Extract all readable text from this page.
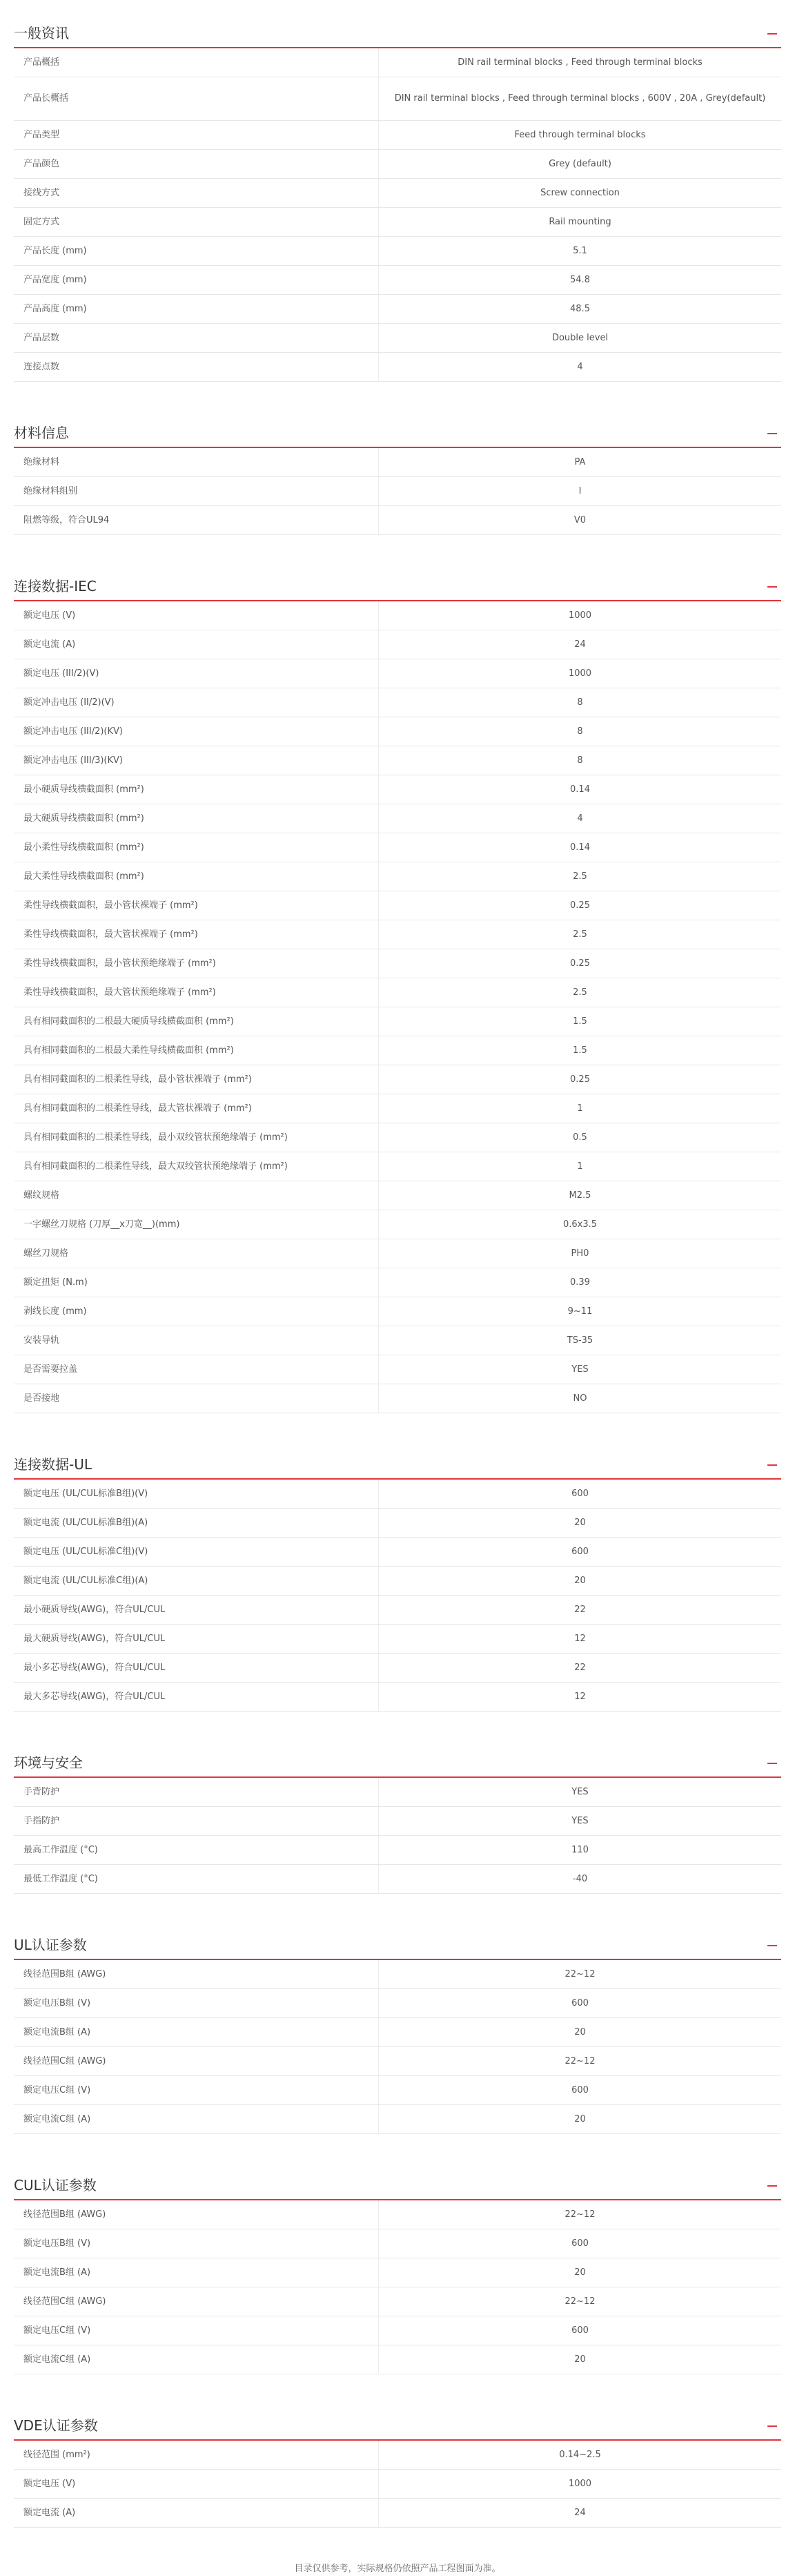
一般资讯
产品概括	DIN rail terminal blocks , Feed through terminal blocks
产品长概括	DIN rail terminal blocks , Feed through terminal blocks , 600V , 20A , Grey(default)
产品类型	Feed through terminal blocks
产品颜色	Grey (default)
接线方式	Screw connection
固定方式	Rail mounting
产品长度 (mm)	5.1
产品宽度 (mm)	54.8
产品高度 (mm)	48.5
产品层数	Double level
连接点数	4
材料信息
绝缘材料	PA
绝缘材料组别	I
阻燃等级，符合UL94	V0
连接数据-IEC
额定电压 (V)	1000
额定电流 (A)	24
额定电压 (III/2)(V)	1000
额定冲击电压 (II/2)(V)	8
额定冲击电压 (III/2)(KV)	8
额定冲击电压 (III/3)(KV)	8
最小硬质导线横截面积 (mm²)	0.14
最大硬质导线横截面积 (mm²)	4
最小柔性导线横截面积 (mm²)	0.14
最大柔性导线横截面积 (mm²)	2.5
柔性导线横截面积，最小管状裸端子 (mm²)	0.25
柔性导线横截面积，最大管状裸端子 (mm²)	2.5
柔性导线横截面积，最小管状预绝缘端子 (mm²)	0.25
柔性导线横截面积，最大管状预绝缘端子 (mm²)	2.5
具有相同截面积的二根最大硬质导线横截面积 (mm²)	1.5
具有相同截面积的二根最大柔性导线横截面积 (mm²)	1.5
具有相同截面积的二根柔性导线，最小管状裸端子 (mm²)	0.25
具有相同截面积的二根柔性导线，最大管状裸端子 (mm²)	1
具有相同截面积的二根柔性导线，最小双绞管状预绝缘端子 (mm²)	0.5
具有相同截面积的二根柔性导线，最大双绞管状预绝缘端子 (mm²)	1
螺纹规格	M2.5
一字螺丝刀规格 (刀厚__x刀宽__)(mm)	0.6x3.5
螺丝刀规格	PH0
额定扭矩 (N.m)	0.39
剥线长度 (mm)	9~11
安装导轨	TS-35
是否需要拉盖	YES
是否接地	NO
连接数据-UL
额定电压 (UL/CUL标准B组)(V)	600
额定电流 (UL/CUL标准B组)(A)	20
额定电压 (UL/CUL标准C组)(V)	600
额定电流 (UL/CUL标准C组)(A)	20
最小硬质导线(AWG)，符合UL/CUL	22
最大硬质导线(AWG)，符合UL/CUL	12
最小多芯导线(AWG)，符合UL/CUL	22
最大多芯导线(AWG)，符合UL/CUL	12
环境与安全
手背防护	YES
手指防护	YES
最高工作温度 (°C)	110
最低工作温度 (°C)	-40
UL认证参数
线径范围B组 (AWG)	22~12
额定电压B组 (V)	600
额定电流B组 (A)	20
线径范围C组 (AWG)	22~12
额定电压C组 (V)	600
额定电流C组 (A)	20
CUL认证参数
线径范围B组 (AWG)	22~12
额定电压B组 (V)	600
额定电流B组 (A)	20
线径范围C组 (AWG)	22~12
额定电压C组 (V)	600
额定电流C组 (A)	20
VDE认证参数
线径范围 (mm²)	0.14~2.5
额定电压 (V)	1000
额定电流 (A)	24
目录仅供参考，实际规格仍依照产品工程图面为准。
